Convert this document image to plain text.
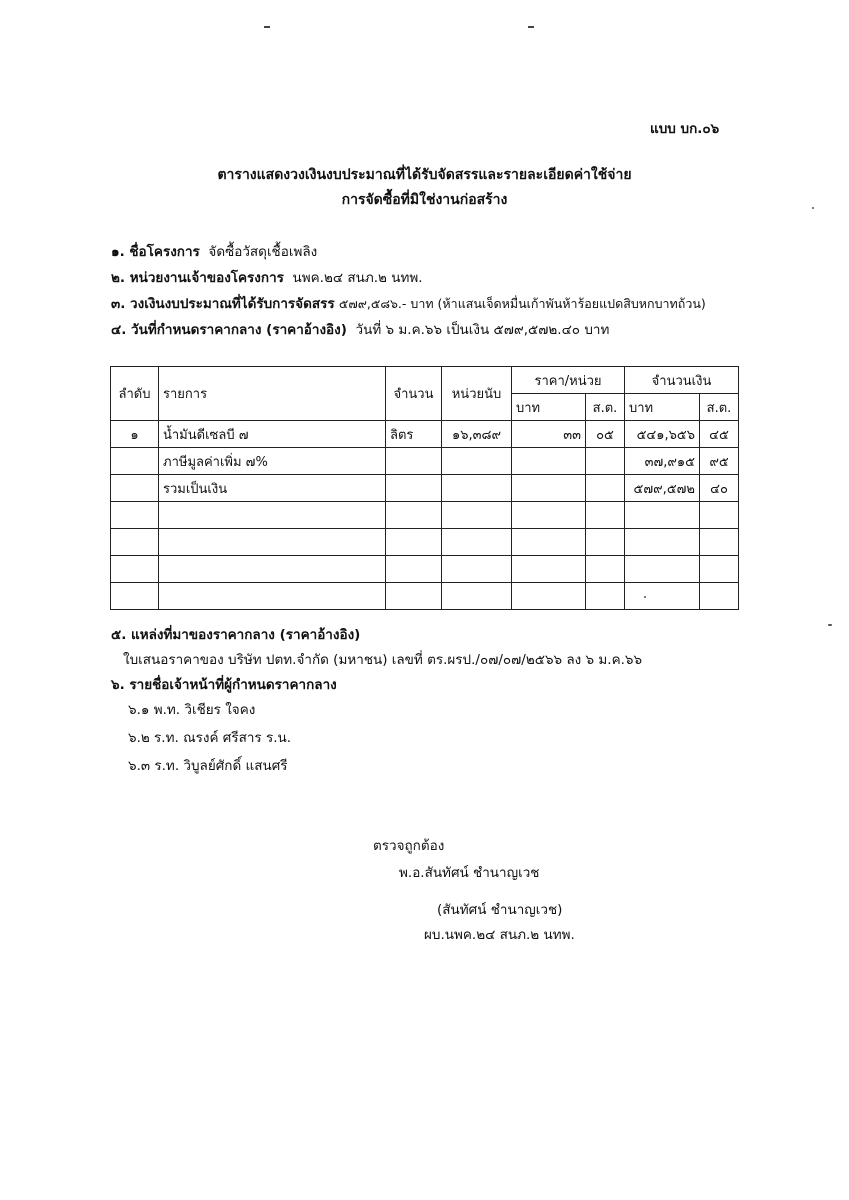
แบบ บก.๐๖
ตารางแสดงวงเงินงบประมาณที่ได้รับจัดสรรและรายละเอียดค่าใช้จ่าย
การจัดซื้อที่มิใช่งานก่อสร้าง
๑. ชื่อโครงการ จัดซื้อวัสดุเชื้อเพลิง
๒. หน่วยงานเจ้าของโครงการ นพค.๒๔ สนภ.๒ นทพ.
๓. วงเงินงบประมาณที่ได้รับการจัดสรร ๕๗๙,๕๘๖.- บาท (ห้าแสนเจ็ดหมื่นเก้าพันห้าร้อยแปดสิบหกบาทถ้วน)
๔. วันที่กำหนดราคากลาง (ราคาอ้างอิง) วันที่ ๖ ม.ค.๖๖ เป็นเงิน ๕๗๙,๕๗๒.๔๐ บาท
ลำดับ	รายการ	จำนวน	หน่วยนับ	ราคา/หน่วย		จำนวนเงิน	
				บาท	ส.ต.	บาท	ส.ต.
๑	น้ำมันดีเซลบี ๗	ลิตร	๑๖,๓๘๙	๓๓	๐๕	๕๔๑,๖๕๖	๔๕
	ภาษีมูลค่าเพิ่ม ๗%					๓๗,๙๑๕	๙๕
	รวมเป็นเงิน					๕๗๙,๕๗๒	๔๐

๕. แหล่งที่มาของราคากลาง (ราคาอ้างอิง)
ใบเสนอราคาของ บริษัท ปตท.จำกัด (มหาชน) เลขที่ ตร.ผรป./๐๗/๐๗/๒๕๖๖ ลง ๖ ม.ค.๖๖
๖. รายชื่อเจ้าหน้าที่ผู้กำหนดราคากลาง
๖.๑ พ.ท. วิเชียร ใจคง
๖.๒ ร.ท. ณรงค์ ศรีสาร ร.น.
๖.๓ ร.ท. วิบูลย์ศักดิ์ แสนศรี
ตรวจถูกต้อง
พ.อ.สันทัศน์ ชำนาญเวช
(สันทัศน์ ชำนาญเวช)
ผบ.นพค.๒๔ สนภ.๒ นทพ.
